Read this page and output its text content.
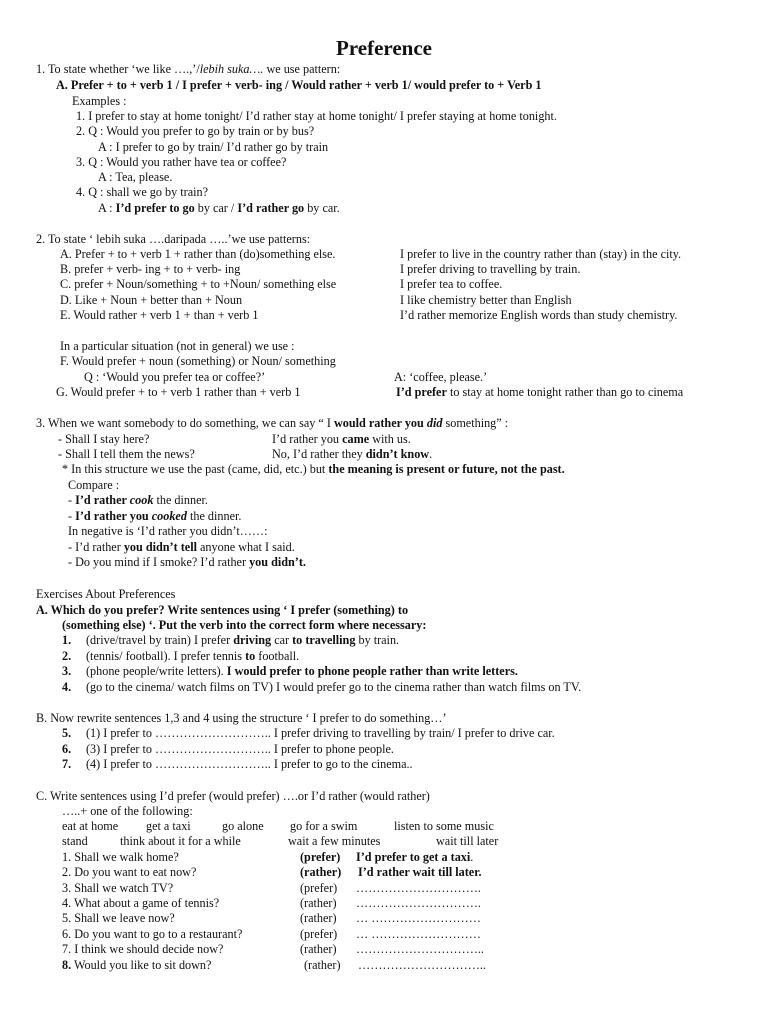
Preference
1. To state whether ‘we like ….,’/lebih suka…. we use pattern:
A. Prefer + to + verb 1 / I prefer + verb- ing / Would rather + verb 1/ would prefer to + Verb 1
Examples :
1. I prefer to stay at home tonight/ I’d rather stay at home tonight/ I prefer staying at home tonight.
2. Q : Would you prefer to go by train or by bus?
A : I prefer to go by train/ I’d rather go by train
3. Q : Would you rather have tea or coffee?
A : Tea, please.
4. Q : shall we go by train?
A : I’d prefer to go by car / I’d rather go by car.
2. To state ‘ lebih suka ….daripada …..’we use patterns:
A. Prefer + to + verb 1 + rather than (do)something else.	I prefer to live in the country rather than (stay) in the city.
B. prefer + verb- ing + to + verb- ing	I prefer driving to travelling by train.
C. prefer + Noun/something + to +Noun/ something else	I prefer tea to coffee.
D. Like + Noun + better than + Noun	I like chemistry better than English
E. Would rather + verb 1 + than + verb 1	I’d rather memorize English words than study chemistry.
In a particular situation (not in general) we use :
F. Would prefer + noun (something) or Noun/ something
Q : ‘Would you prefer tea or coffee?’	A: ‘coffee, please.’
G. Would prefer + to + verb 1 rather than + verb 1	I’d prefer to stay at home tonight rather than go to cinema
3. When we want somebody to do something, we can say “ I would rather you did something” :
- Shall I stay here?	I’d rather you came with us.
- Shall I tell them the news?	No, I’d rather they didn’t know.
* In this structure we use the past (came, did, etc.) but the meaning is present or future, not the past.
Compare :
- I’d rather cook the dinner.
- I’d rather you cooked the dinner.
In negative is ‘I’d rather you didn’t……:
- I’d rather you didn’t tell anyone what I said.
- Do you mind if I smoke? I’d rather you didn’t.
Exercises About Preferences
A. Which do you prefer? Write sentences using ‘ I prefer (something) to
(something else) ‘. Put the verb into the correct form where necessary:
1. (drive/travel by train) I prefer driving car to travelling by train.
2. (tennis/ football). I prefer tennis to football.
3. (phone people/write letters). I would prefer to phone people rather than write letters.
4. (go to the cinema/ watch films on TV) I would prefer go to the cinema rather than watch films on TV.
B. Now rewrite sentences 1,3 and 4 using the structure ‘ I prefer to do something…’
5. (1) I prefer to ……………………….. I prefer driving to travelling by train/ I prefer to drive car.
6. (3) I prefer to ……………………….. I prefer to phone people.
7. (4) I prefer to ……………………….. I prefer to go to the cinema..
C. Write sentences using I’d prefer (would prefer) ….or I’d rather (would rather)
…..+ one of the following:
eat at home get a taxi	go alone go for a swim	listen to some music
stand	think about it for a while	wait a few minutes	wait till later
1. Shall we walk home?	(prefer) I’d prefer to get a taxi.
2. Do you want to eat now?	(rather) I’d rather wait till later.
3. Shall we watch TV?	(prefer) ………………………….
4. What about a game of tennis?	(rather) ………………………….
5. Shall we leave now?	(rather) … ………………………
6. Do you want to go to a restaurant?	(prefer) … ………………………
7. I think we should decide now?	(rather) …………………………..
8. Would you like to sit down?	(rather) …………………………..
